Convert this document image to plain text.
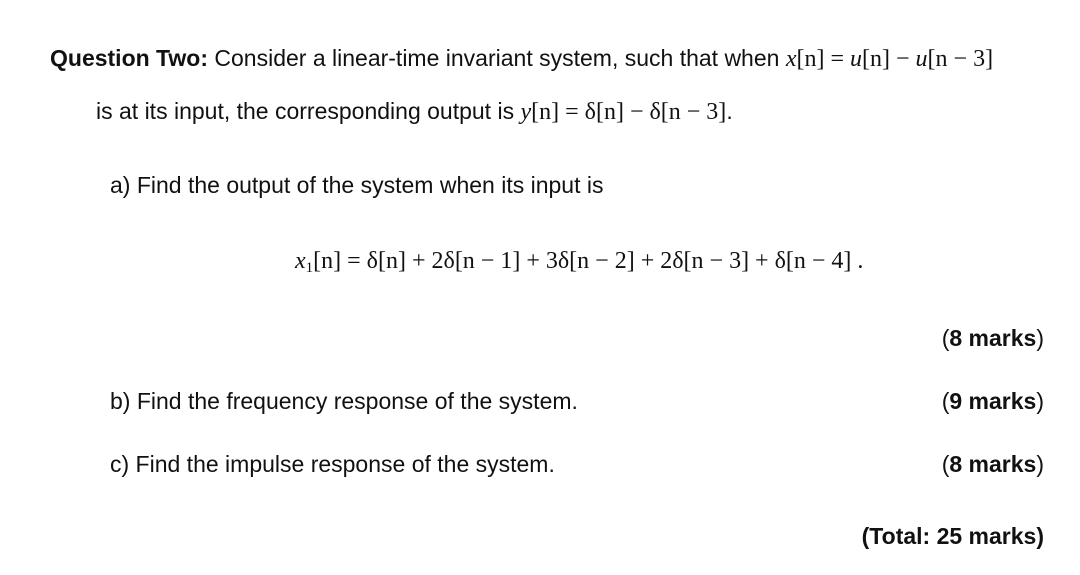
Question Two: Consider a linear-time invariant system, such that when x[n] = u[n] − u[n − 3]
is at its input, the corresponding output is y[n] = δ[n] − δ[n − 3].
a) Find the output of the system when its input is
$x_1[n] = \delta[n] + 2\delta[n - 1] + 3\delta[n - 2] + 2\delta[n - 3] + \delta[n - 4]$ .
(8 marks)
b) Find the frequency response of the system.	(9 marks)
c) Find the impulse response of the system.	(8 marks)
(Total: 25 marks)
